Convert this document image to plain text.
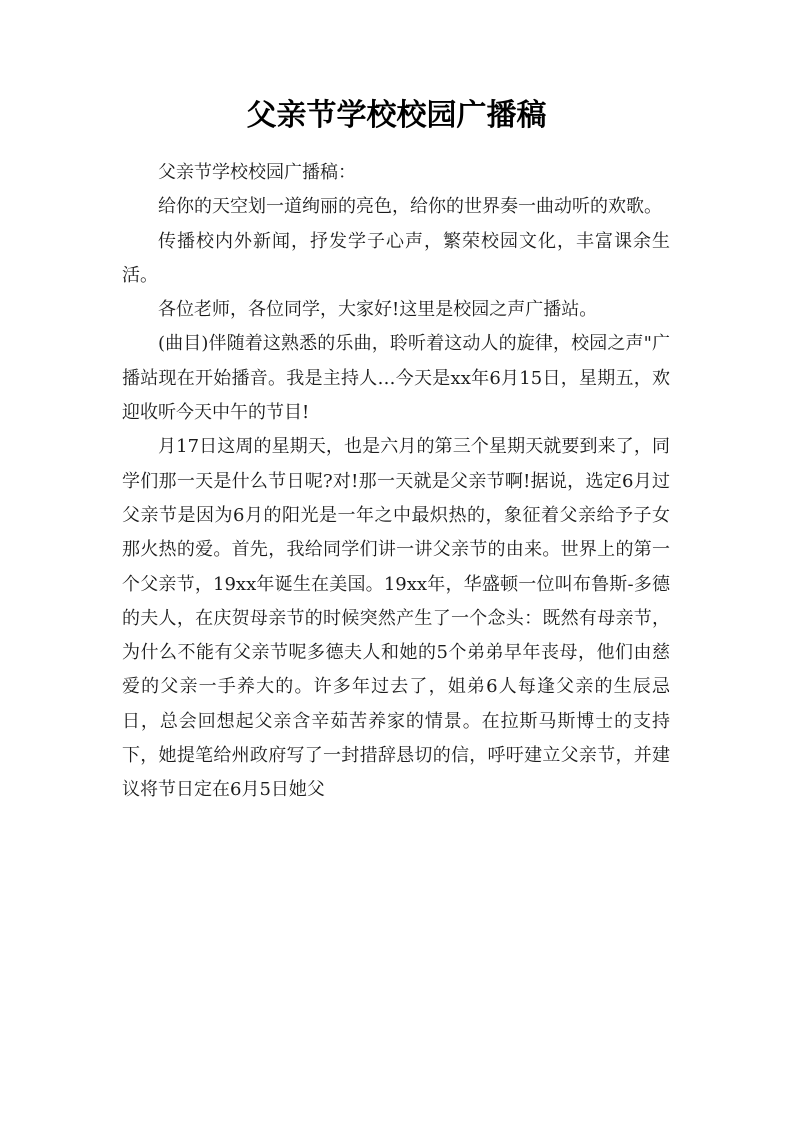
父亲节学校校园广播稿

父亲节学校校园广播稿：

给你的天空划一道绚丽的亮色，给你的世界奏一曲动听的欢歌。

传播校内外新闻，抒发学子心声，繁荣校园文化，丰富课余生活。

各位老师，各位同学，大家好!这里是校园之声广播站。

(曲目)伴随着这熟悉的乐曲，聆听着这动人的旋律，校园之声"广播站现在开始播音。我是主持人…今天是xx年6月15日，星期五，欢迎收听今天中午的节目!

月17日这周的星期天，也是六月的第三个星期天就要到来了，同学们那一天是什么节日呢?对!那一天就是父亲节啊!据说，选定6月过父亲节是因为6月的阳光是一年之中最炽热的，象征着父亲给予子女那火热的爱。首先，我给同学们讲一讲父亲节的由来。世界上的第一个父亲节，19xx年诞生在美国。19xx年，华盛顿一位叫布鲁斯-多德的夫人，在庆贺母亲节的时候突然产生了一个念头：既然有母亲节，为什么不能有父亲节呢多德夫人和她的5个弟弟早年丧母，他们由慈爱的父亲一手养大的。许多年过去了，姐弟6人每逢父亲的生辰忌日，总会回想起父亲含辛茹苦养家的情景。在拉斯马斯博士的支持下，她提笔给州政府写了一封措辞恳切的信，呼吁建立父亲节，并建议将节日定在6月5日她父
